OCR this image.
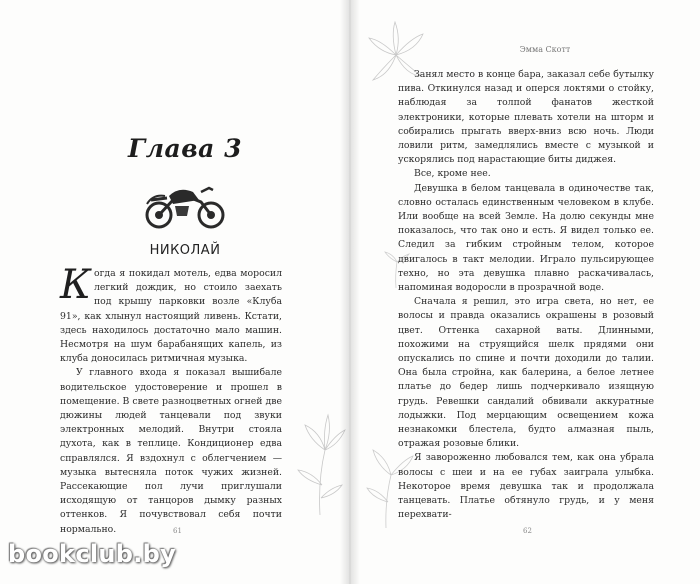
Глава 3
НИКОЛАЙ

Когда я покидал мотель, едва моросил легкий дождик, но стоило заехать под крышу парковки возле «Клуба 91», как хлынул настоящий ливень. Кстати, здесь находилось достаточно мало машин. Несмотря на шум барабанящих капель, из клуба доносилась ритмичная музыка.

У главного входа я показал вышибале водительское удостоверение и прошел в помещение. В свете разноцветных огней две дюжины людей танцевали под звуки электронных мелодий. Внутри стояла духота, как в теплице. Кондиционер едва справлялся. Я вздохнул с облегчением — музыка вытесняла поток чужих жизней. Рассекающие пол лучи приглушали исходящую от танцоров дымку разных оттенков. Я почувствовал себя почти нормально.	61
Эмма Скотт

Занял место в конце бара, заказал себе бутылку пива. Откинулся назад и оперся локтями о стойку, наблюдая за толпой фанатов жесткой электроники, которые плевать хотели на шторм и собирались прыгать вверх-вниз всю ночь. Люди ловили ритм, замедлялись вместе с музыкой и ускорялись под нарастающие биты диджея.

Все, кроме нее.

Девушка в белом танцевала в одиночестве так, словно осталась единственным человеком в клубе. Или вообще на всей Земле. На долю секунды мне показалось, что так оно и есть. Я видел только ее. Следил за гибким стройным телом, которое двигалось в такт мелодии. Играло пульсирующее техно, но эта девушка плавно раскачивалась, напоминая водоросли в прозрачной воде.

Сначала я решил, это игра света, но нет, ее волосы и правда оказались окрашены в розовый цвет. Оттенка сахарной ваты. Длинными, похожими на струящийся шелк прядями они опускались по спине и почти доходили до талии. Она была стройна, как балерина, а белое летнее платье до бедер лишь подчеркивало изящную грудь. Ревешки сандалий обвивали аккуратные лодыжки. Под мерцающим освещением кожа незнакомки блестела, будто алмазная пыль, отражая розовые блики.

Я завороженно любовался тем, как она убрала волосы с шеи и на ее губах заиграла улыбка. Некоторое время девушка так и продолжала танцевать. Платье обтянуло грудь, и у меня перехвати-

62
bookclub.by
